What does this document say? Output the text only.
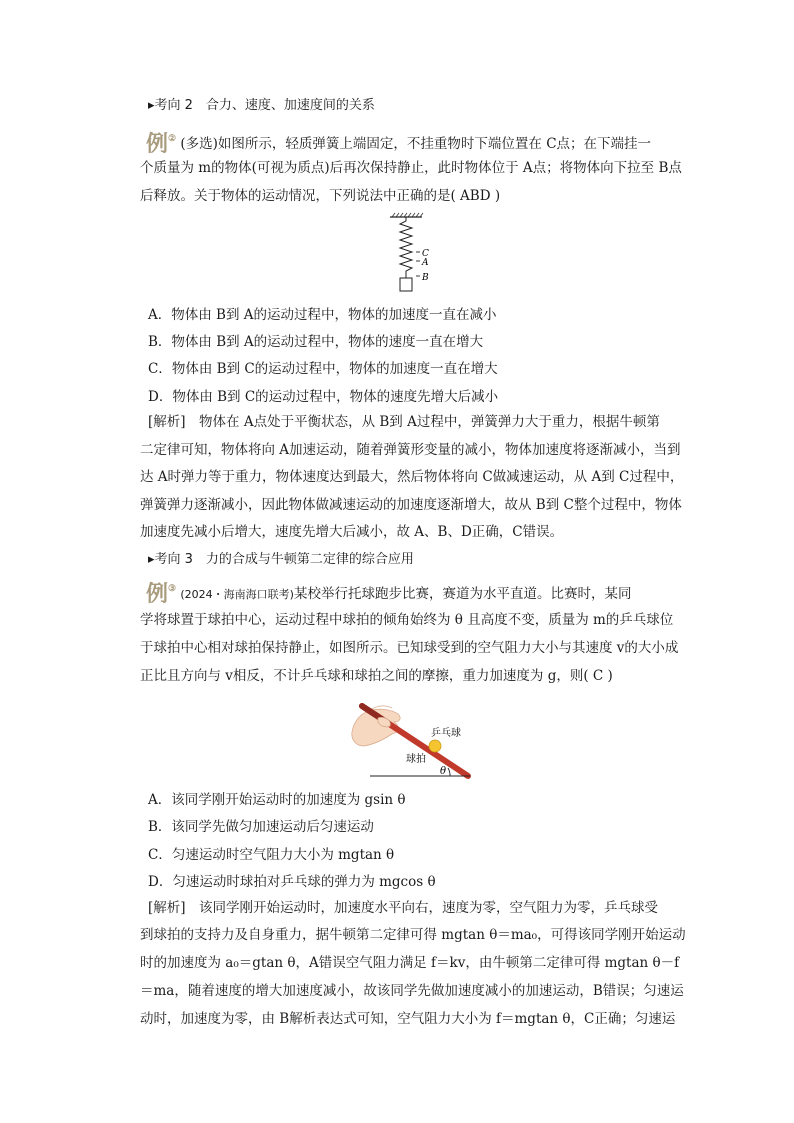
▸考向 2　合力、速度、加速度间的关系
例② (多选)如图所示，轻质弹簧上端固定，不挂重物时下端位置在 C点；在下端挂一
个质量为 m的物体(可视为质点)后再次保持静止，此时物体位于 A点；将物体向下拉至 B点
后释放。关于物体的运动情况，下列说法中正确的是( ABD )
C
A
B
A．物体由 B到 A的运动过程中，物体的加速度一直在减小
B．物体由 B到 A的运动过程中，物体的速度一直在增大
C．物体由 B到 C的运动过程中，物体的加速度一直在增大
D．物体由 B到 C的运动过程中，物体的速度先增大后减小
[解析]　物体在 A点处于平衡状态，从 B到 A过程中，弹簧弹力大于重力，根据牛顿第
二定律可知，物体将向 A加速运动，随着弹簧形变量的减小，物体加速度将逐渐减小，当到
达 A时弹力等于重力，物体速度达到最大，然后物体将向 C做减速运动，从 A到 C过程中，
弹簧弹力逐渐减小，因此物体做减速运动的加速度逐渐增大，故从 B到 C整个过程中，物体
加速度先减小后增大，速度先增大后减小，故 A、B、D正确，C错误。
▸考向 3　力的合成与牛顿第二定律的综合应用
例③ (2024・海南海口联考)某校举行托球跑步比赛，赛道为水平直道。比赛时，某同
学将球置于球拍中心，运动过程中球拍的倾角始终为 θ 且高度不变，质量为 m的乒乓球位
于球拍中心相对球拍保持静止，如图所示。已知球受到的空气阻力大小与其速度 v的大小成
正比且方向与 v相反，不计乒乓球和球拍之间的摩擦，重力加速度为 g，则( C )
乒乓球
球拍
θ
A．该同学刚开始运动时的加速度为 gsin θ
B．该同学先做匀加速运动后匀速运动
C．匀速运动时空气阻力大小为 mgtan θ
D．匀速运动时球拍对乒乓球的弹力为 mgcos θ
[解析]　该同学刚开始运动时，加速度水平向右，速度为零，空气阻力为零，乒乓球受
到球拍的支持力及自身重力，据牛顿第二定律可得 mgtan θ＝ma₀，可得该同学刚开始运动
时的加速度为 a₀＝gtan θ，A错误空气阻力满足 f＝kv，由牛顿第二定律可得 mgtan θ－f
＝ma，随着速度的增大加速度减小，故该同学先做加速度减小的加速运动，B错误；匀速运
动时，加速度为零，由 B解析表达式可知，空气阻力大小为 f＝mgtan θ，C正确；匀速运
